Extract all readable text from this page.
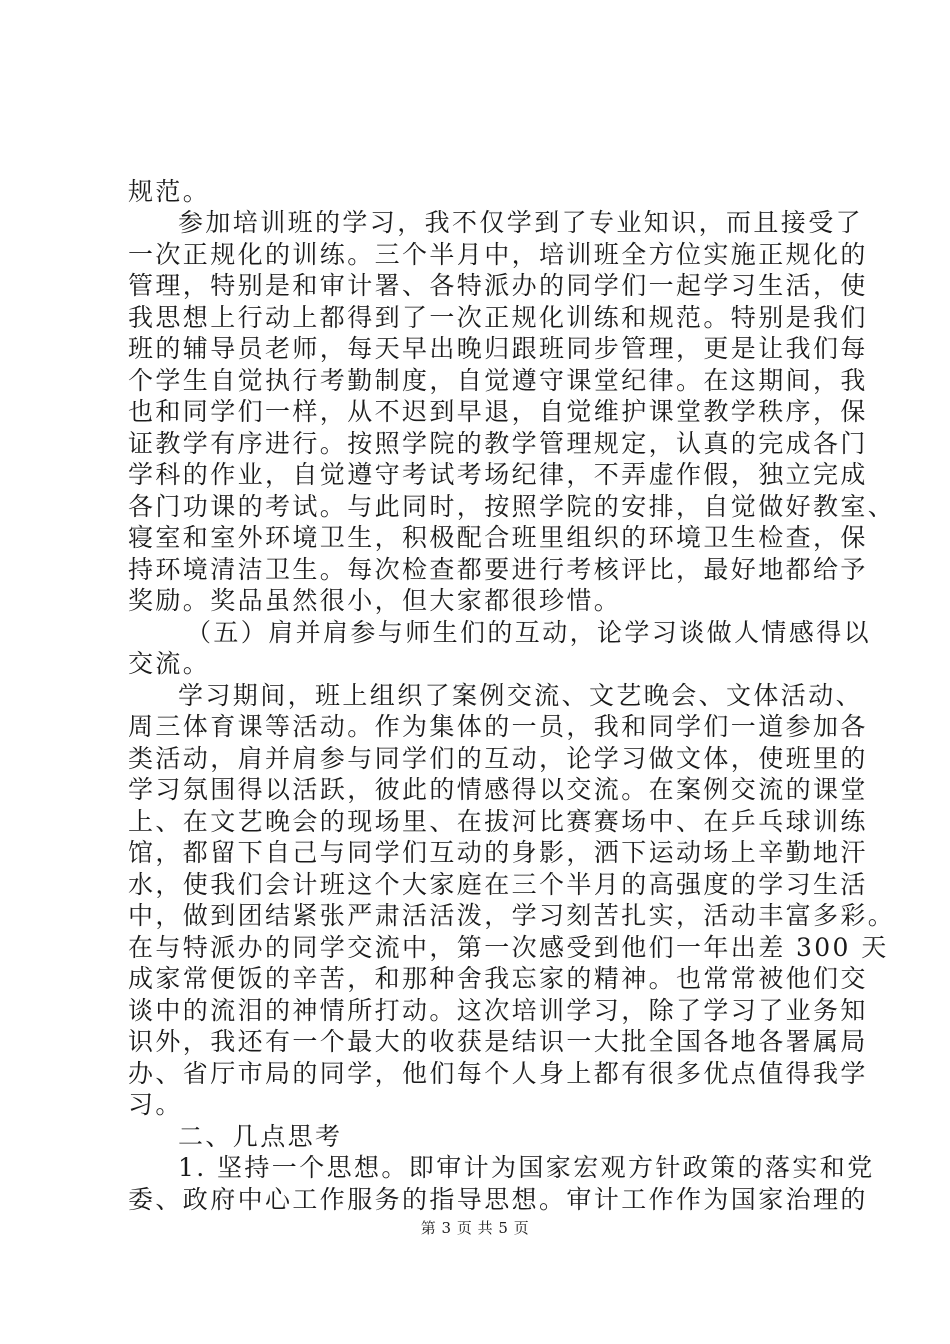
规范。
参加培训班的学习，我不仅学到了专业知识，而且接受了
一次正规化的训练。三个半月中，培训班全方位实施正规化的
管理，特别是和审计署、各特派办的同学们一起学习生活，使
我思想上行动上都得到了一次正规化训练和规范。特别是我们
班的辅导员老师，每天早出晚归跟班同步管理，更是让我们每
个学生自觉执行考勤制度，自觉遵守课堂纪律。在这期间，我
也和同学们一样，从不迟到早退，自觉维护课堂教学秩序，保
证教学有序进行。按照学院的教学管理规定，认真的完成各门
学科的作业，自觉遵守考试考场纪律，不弄虚作假，独立完成
各门功课的考试。与此同时，按照学院的安排，自觉做好教室、
寝室和室外环境卫生，积极配合班里组织的环境卫生检查，保
持环境清洁卫生。每次检查都要进行考核评比，最好地都给予
奖励。奖品虽然很小，但大家都很珍惜。
（五）肩并肩参与师生们的互动，论学习谈做人情感得以
交流。
学习期间，班上组织了案例交流、文艺晚会、文体活动、
周三体育课等活动。作为集体的一员，我和同学们一道参加各
类活动，肩并肩参与同学们的互动，论学习做文体，使班里的
学习氛围得以活跃，彼此的情感得以交流。在案例交流的课堂
上、在文艺晚会的现场里、在拔河比赛赛场中、在乒乓球训练
馆，都留下自己与同学们互动的身影，洒下运动场上辛勤地汗
水，使我们会计班这个大家庭在三个半月的高强度的学习生活
中，做到团结紧张严肃活活泼，学习刻苦扎实，活动丰富多彩。
在与特派办的同学交流中，第一次感受到他们一年出差 300 天
成家常便饭的辛苦，和那种舍我忘家的精神。也常常被他们交
谈中的流泪的神情所打动。这次培训学习，除了学习了业务知
识外，我还有一个最大的收获是结识一大批全国各地各署属局
办、省厅市局的同学，他们每个人身上都有很多优点值得我学
习。
二、几点思考
1. 坚持一个思想。即审计为国家宏观方针政策的落实和党
委、政府中心工作服务的指导思想。审计工作作为国家治理的
第 3 页 共 5 页
